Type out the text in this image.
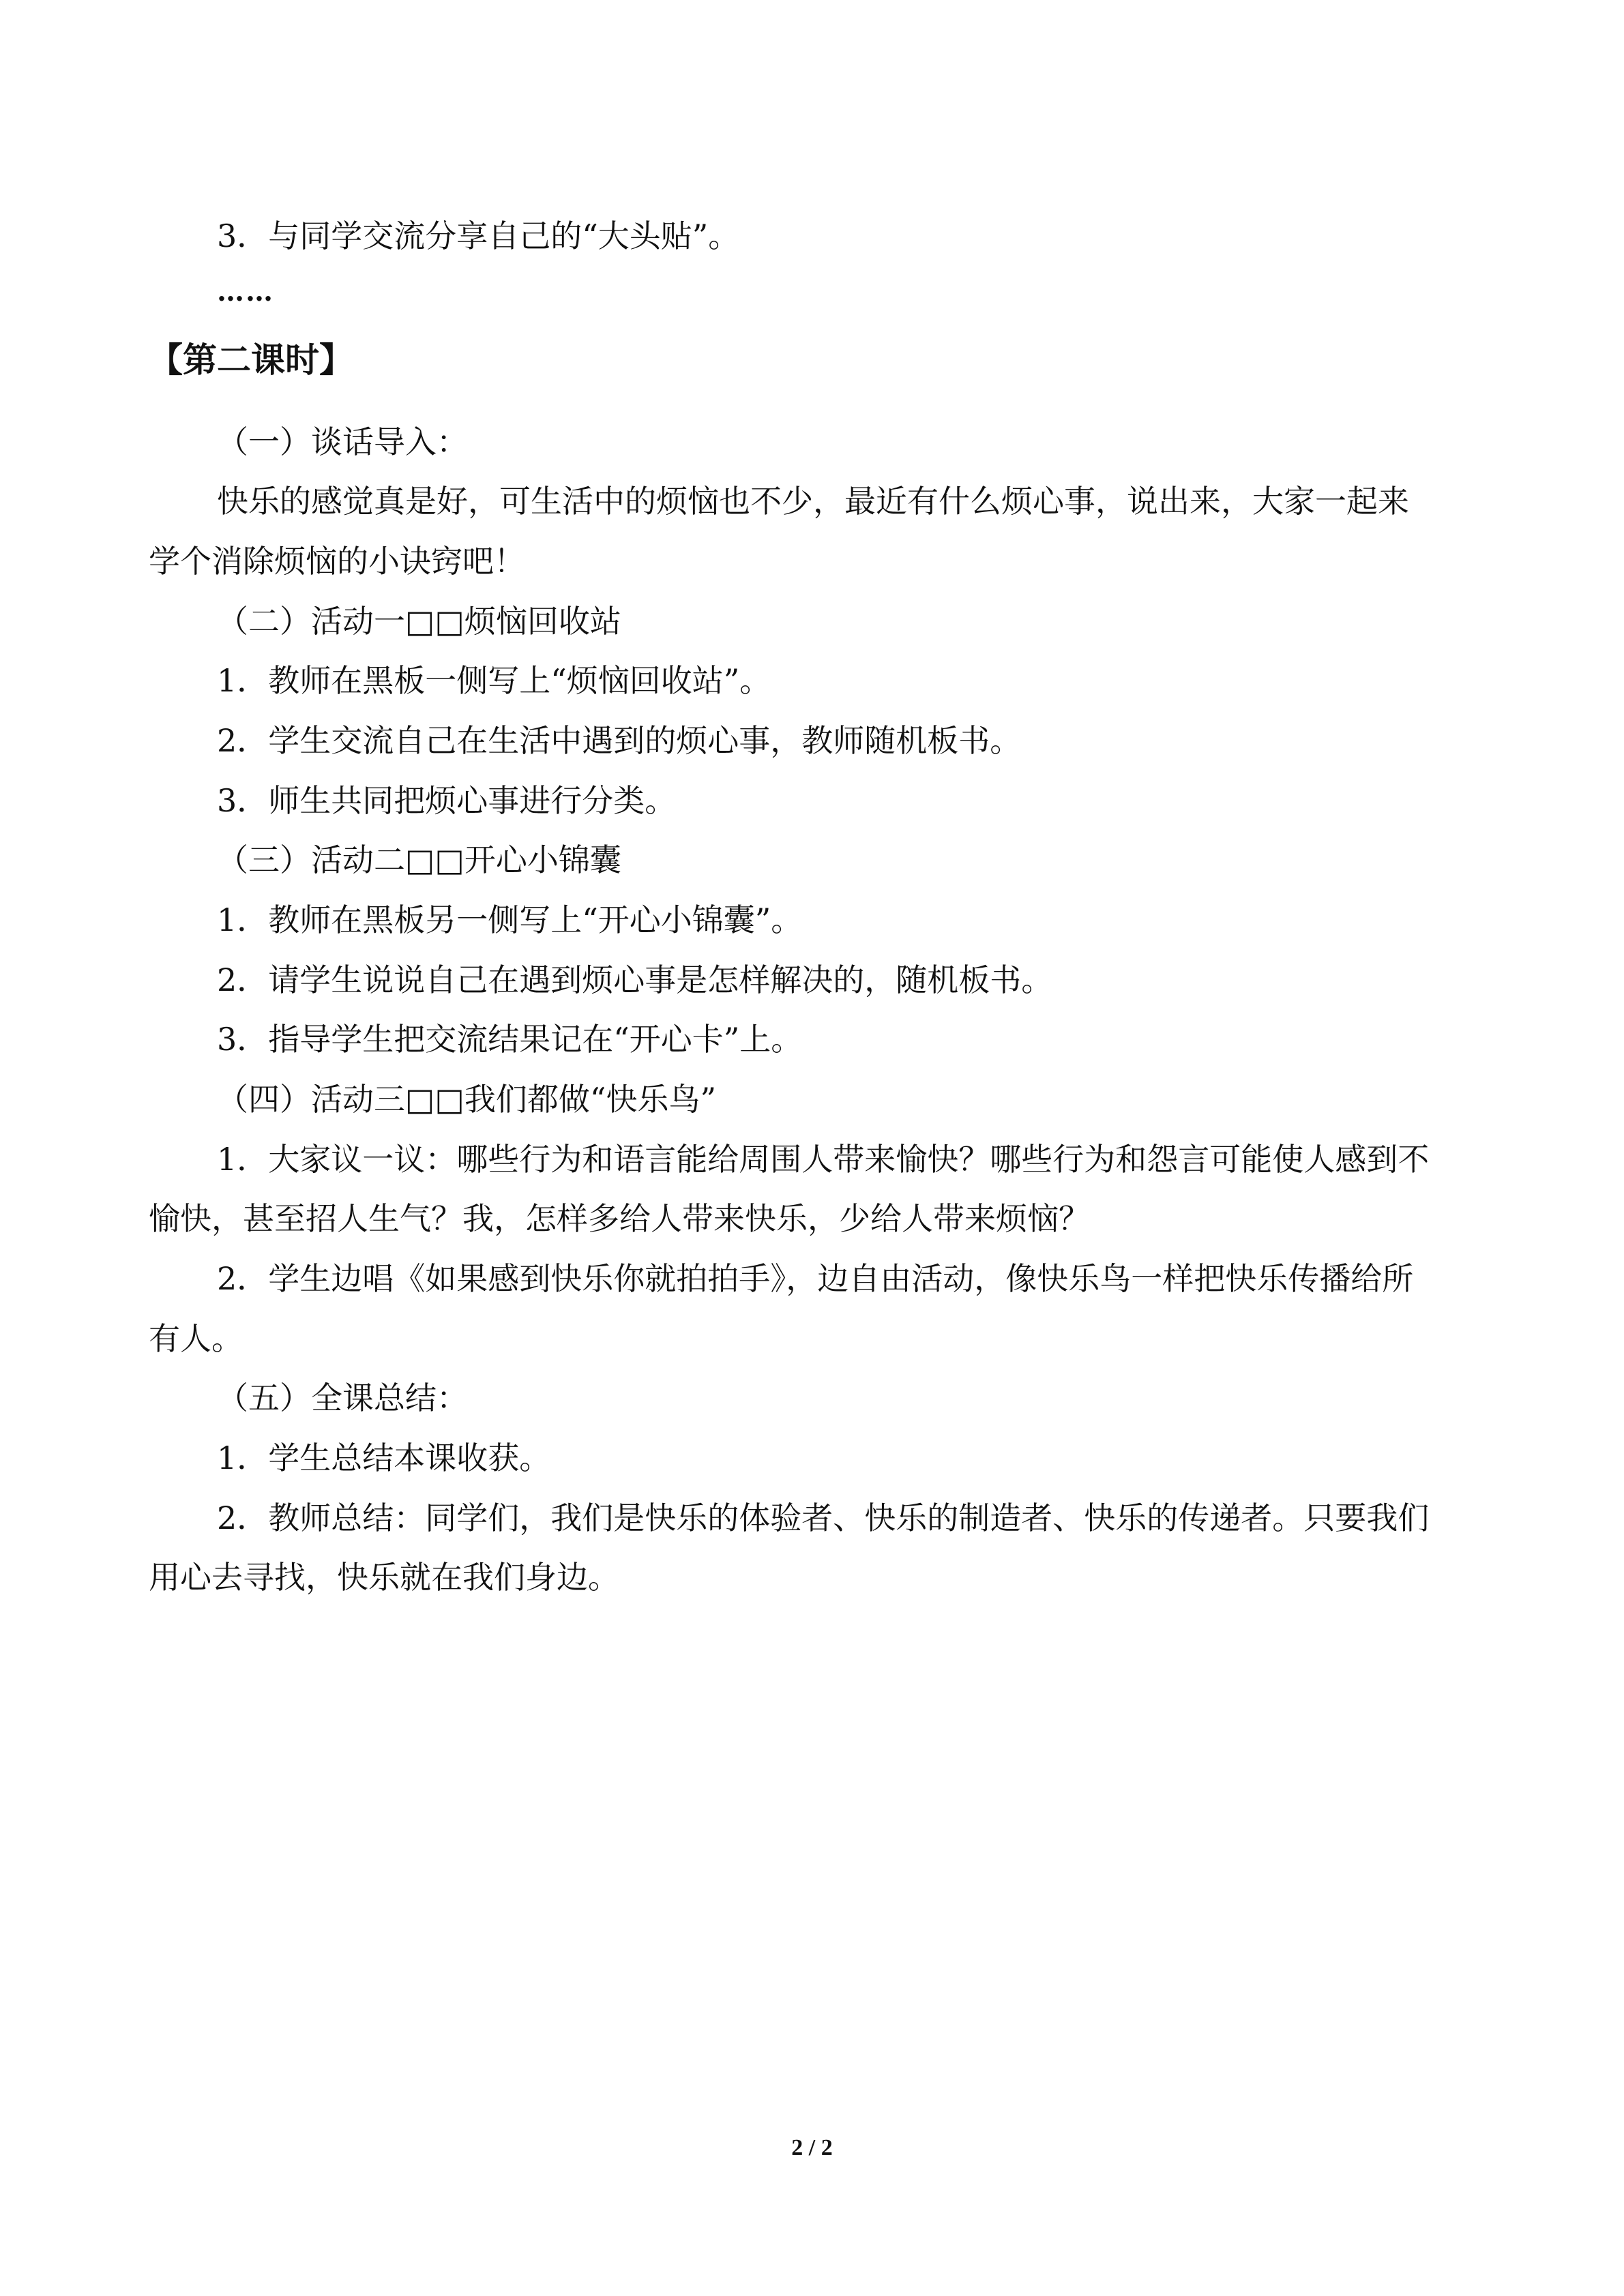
3．与同学交流分享自己的“大头贴”。
……
【第二课时】
（一）谈话导入：
快乐的感觉真是好，可生活中的烦恼也不少，最近有什么烦心事，说出来，大家一起来
学个消除烦恼的小诀窍吧！
（二）活动一□□烦恼回收站
1．教师在黑板一侧写上“烦恼回收站”。
2．学生交流自己在生活中遇到的烦心事，教师随机板书。
3．师生共同把烦心事进行分类。
（三）活动二□□开心小锦囊
1．教师在黑板另一侧写上“开心小锦囊”。
2．请学生说说自己在遇到烦心事是怎样解决的，随机板书。
3．指导学生把交流结果记在“开心卡”上。
（四）活动三□□我们都做“快乐鸟”
1．大家议一议：哪些行为和语言能给周围人带来愉快？哪些行为和怨言可能使人感到不
愉快，甚至招人生气？我，怎样多给人带来快乐，少给人带来烦恼？
2．学生边唱《如果感到快乐你就拍拍手》，边自由活动，像快乐鸟一样把快乐传播给所
有人。
（五）全课总结：
1．学生总结本课收获。
2．教师总结：同学们，我们是快乐的体验者、快乐的制造者、快乐的传递者。只要我们
用心去寻找，快乐就在我们身边。
2 / 2
